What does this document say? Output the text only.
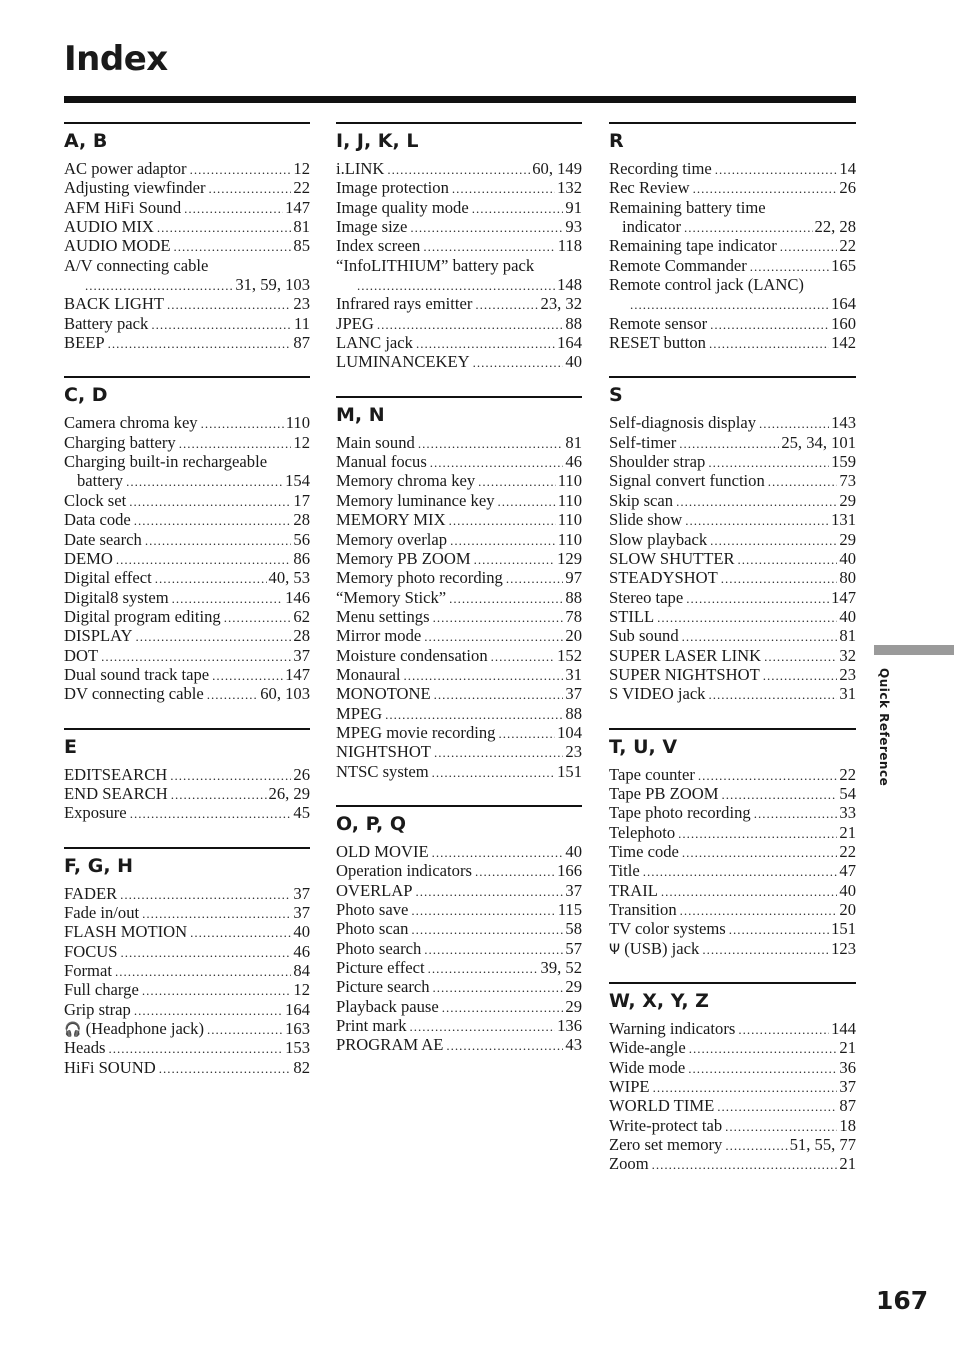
Index
A, B
AC power adaptor .....	12
Adjusting viewfinder .....	22
AFM HiFi Sound .....	147
AUDIO MIX .....	81
AUDIO MODE .....	85
A/V connecting cable
.....
31, 59, 103
BACK LIGHT .....	23
Battery pack .....	11
BEEP .....	87
C, D
Camera chroma key .....	110
Charging battery .....	12
Charging built-in rechargeable
battery .....	154
Clock set .....	17
Data code .....	28
Date search .....	56
DEMO .....	86
Digital effect .....	40, 53
Digital8 system .....	146
Digital program editing .....	62
DISPLAY .....	28
DOT .....	37
Dual sound track tape .....	147
DV connecting cable .....	60, 103
E
EDITSEARCH .....	26
END SEARCH .....	26, 29
Exposure .....	45
F, G, H
FADER .....	37
Fade in/out .....	37
FLASH MOTION .....	40
FOCUS .....	46
Format .....	84
Full charge .....	12
Grip strap .....	164
🎧 (Headphone jack) .....	163
Heads .....	153
HiFi SOUND .....	82
I, J, K, L
i.LINK .....	60, 149
Image protection .....	132
Image quality mode .....	91
Image size .....	93
Index screen .....	118
“InfoLITHIUM” battery pack
.....
148
Infrared rays emitter .....	23, 32
JPEG .....	88
LANC jack .....	164
LUMINANCEKEY .....	40
M, N
Main sound .....	81
Manual focus .....	46
Memory chroma key .....	110
Memory luminance key .....	110
MEMORY MIX .....	110
Memory overlap .....	110
Memory PB ZOOM .....	129
Memory photo recording .....	97
“Memory Stick” .....	88
Menu settings .....	78
Mirror mode .....	20
Moisture condensation .....	152
Monaural .....	31
MONOTONE .....	37
MPEG .....	88
MPEG movie recording .....	104
NIGHTSHOT .....	23
NTSC system .....	151
O, P, Q
OLD MOVIE .....	40
Operation indicators .....	166
OVERLAP .....	37
Photo save .....	115
Photo scan .....	58
Photo search .....	57
Picture effect .....	39, 52
Picture search .....	29
Playback pause .....	29
Print mark .....	136
PROGRAM AE .....	43
R
Recording time .....	14
Rec Review .....	26
Remaining battery time
indicator .....	22, 28
Remaining tape indicator .....	22
Remote Commander .....	165
Remote control jack (LANC)
.....
164
Remote sensor .....	160
RESET button .....	142
S
Self-diagnosis display .....	143
Self-timer .....	25, 34, 101
Shoulder strap .....	159
Signal convert function .....	73
Skip scan .....	29
Slide show .....	131
Slow playback .....	29
SLOW SHUTTER .....	40
STEADYSHOT .....	80
Stereo tape .....	147
STILL .....	40
Sub sound .....	81
SUPER LASER LINK .....	32
SUPER NIGHTSHOT .....	23
S VIDEO jack .....	31
T, U, V
Tape counter .....	22
Tape PB ZOOM .....	54
Tape photo recording .....	33
Telephoto .....	21
Time code .....	22
Title .....	47
TRAIL .....	40
Transition .....	20
TV color systems .....	151
Ψ (USB) jack .....	123
W, X, Y, Z
Warning indicators .....	144
Wide-angle .....	21
Wide mode .....	36
WIPE .....	37
WORLD TIME .....	87
Write-protect tab .....	18
Zero set memory .....	51, 55, 77
Zoom .....	21
Quick Reference
167
